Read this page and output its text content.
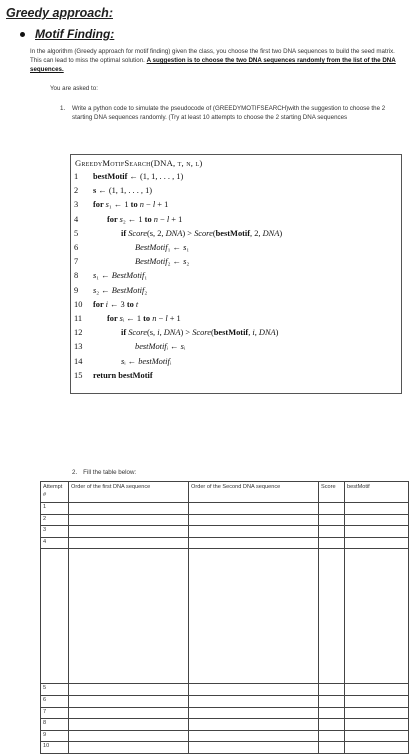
Greedy approach:
Motif Finding:
In the algorithm (Greedy approach for motif finding) given the class, you choose the first two DNA sequences to build the seed matrix. This can lead to miss the optimal solution. A suggestion is to choose the two DNA sequences randomly from the list of the DNA sequences.
You are asked to:
1. Write a python code to simulate the pseudocode of (GREEDYMOTIFSEARCH)with the suggestion to choose the 2 starting DNA sequences randomly. (Try at least 10 attempts to choose the 2 starting DNA sequences
GreedyMotifSearch(DNA, t, n, l)
1	bestMotif ← (1, 1, . . . , 1)
2	s ← (1, 1, . . . , 1)
3	for s₁ ← 1 to n − l + 1
4	for s₂ ← 1 to n − l + 1
5	if Score(s, 2, DNA) > Score(bestMotif, 2, DNA)
6	BestMotif₁ ← s₁
7	BestMotif₂ ← s₂
8	s₁ ← BestMotif₁
9	s₂ ← BestMotif₂
10	for i ← 3 to t
11	for sᵢ ← 1 to n − l + 1
12	if Score(s, i, DNA) > Score(bestMotif, i, DNA)
13	bestMotifᵢ ← sᵢ
14	sᵢ ← bestMotifᵢ
15	return bestMotif
2. Fill the table below:
Attempt #	Order of the first DNA sequence	Order of the Second DNA sequence	Score	bestMotif
1				
2				
3				
4				

5				
6				
7				
8				
9				
10				
